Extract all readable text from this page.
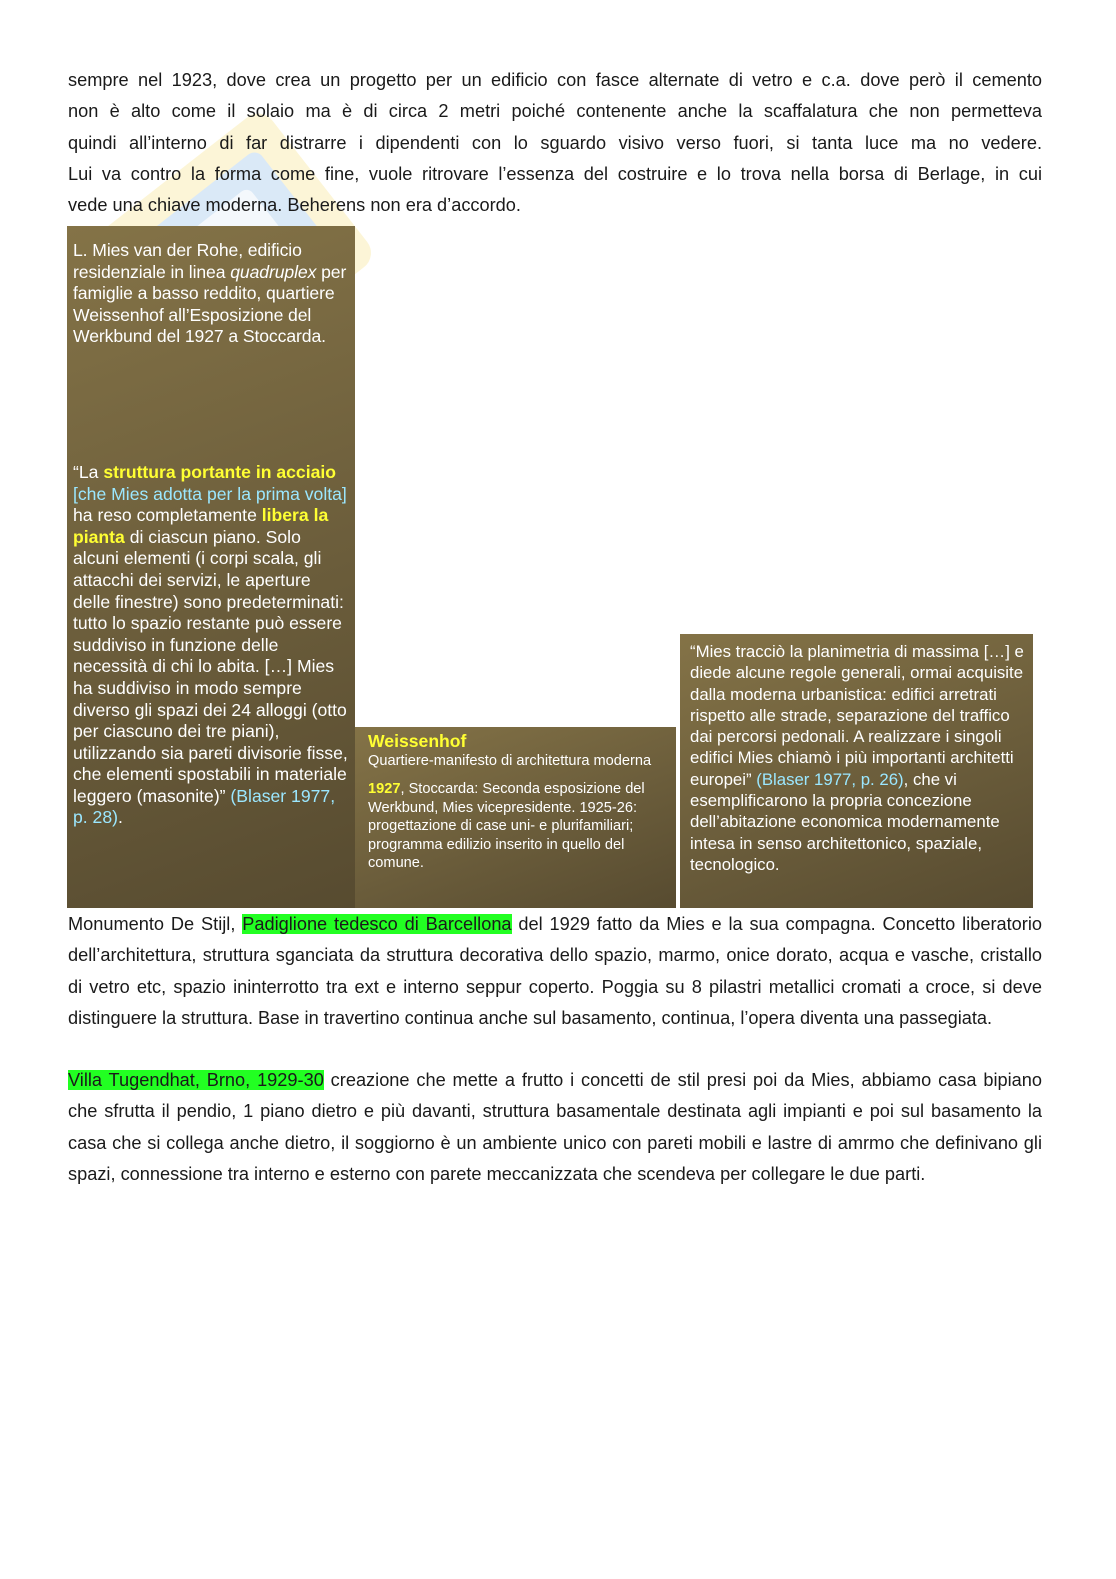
sempre nel 1923, dove crea un progetto per un edificio con fasce alternate di vetro e c.a. dove però il cemento
non è alto come il solaio ma è di circa 2 metri poiché contenente anche la scaffalatura che non permetteva
quindi all’interno di far distrarre i dipendenti con lo sguardo visivo verso fuori, si tanta luce ma no vedere.
Lui va contro la forma come fine, vuole ritrovare l’essenza del costruire e lo trova nella borsa di Berlage, in cui
vede una chiave moderna. Beherens non era d’accordo.

L. Mies van der Rohe, edificio residenziale in linea quadruplex per famiglie a basso reddito, quartiere Weissenhof all’Esposizione del Werkbund del 1927 a Stoccarda.

“La struttura portante in acciaio [che Mies adotta per la prima volta] ha reso completamente libera la pianta di ciascun piano. Solo alcuni elementi (i corpi scala, gli attacchi dei servizi, le aperture delle finestre) sono predeterminati: tutto lo spazio restante può essere suddiviso in funzione delle necessità di chi lo abita. […] Mies ha suddiviso in modo sempre diverso gli spazi dei 24 alloggi (otto per ciascuno dei tre piani), utilizzando sia pareti divisorie fisse, che elementi spostabili in materiale leggero (masonite)” (Blaser 1977, p. 28).

Weissenhof

Quartiere-manifesto di architettura moderna

1927, Stoccarda: Seconda esposizione del Werkbund, Mies vicepresidente. 1925-26: progettazione di case uni- e plurifamiliari; programma edilizio inserito in quello del comune.

“Mies tracciò la planimetria di massima […] e diede alcune regole generali, ormai acquisite dalla moderna urbanistica: edifici arretrati rispetto alle strade, separazione del traffico dai percorsi pedonali. A realizzare i singoli edifici Mies chiamò i più importanti architetti europei” (Blaser 1977, p. 26), che vi esemplificarono la propria concezione dell’abitazione economica modernamente intesa in senso architettonico, spaziale, tecnologico.

Monumento De Stijl, Padiglione tedesco di Barcellona del 1929 fatto da Mies e la sua compagna. Concetto liberatorio dell’architettura, struttura sganciata da struttura decorativa dello spazio, marmo, onice dorato, acqua e vasche, cristallo di vetro etc, spazio ininterrotto tra ext e interno seppur coperto. Poggia su 8 pilastri metallici cromati a croce, si deve distinguere la struttura. Base in travertino continua anche sul basamento, continua, l’opera diventa una passegiata.

Villa Tugendhat, Brno, 1929-30 creazione che mette a frutto i concetti de stil presi poi da Mies, abbiamo casa bipiano che sfrutta il pendio, 1 piano dietro e più davanti, struttura basamentale destinata agli impianti e poi sul basamento la casa che si collega anche dietro, il soggiorno è un ambiente unico con pareti mobili e lastre di amrmo che definivano gli spazi, connessione tra interno e esterno con parete meccanizzata che scendeva per collegare le due parti.
